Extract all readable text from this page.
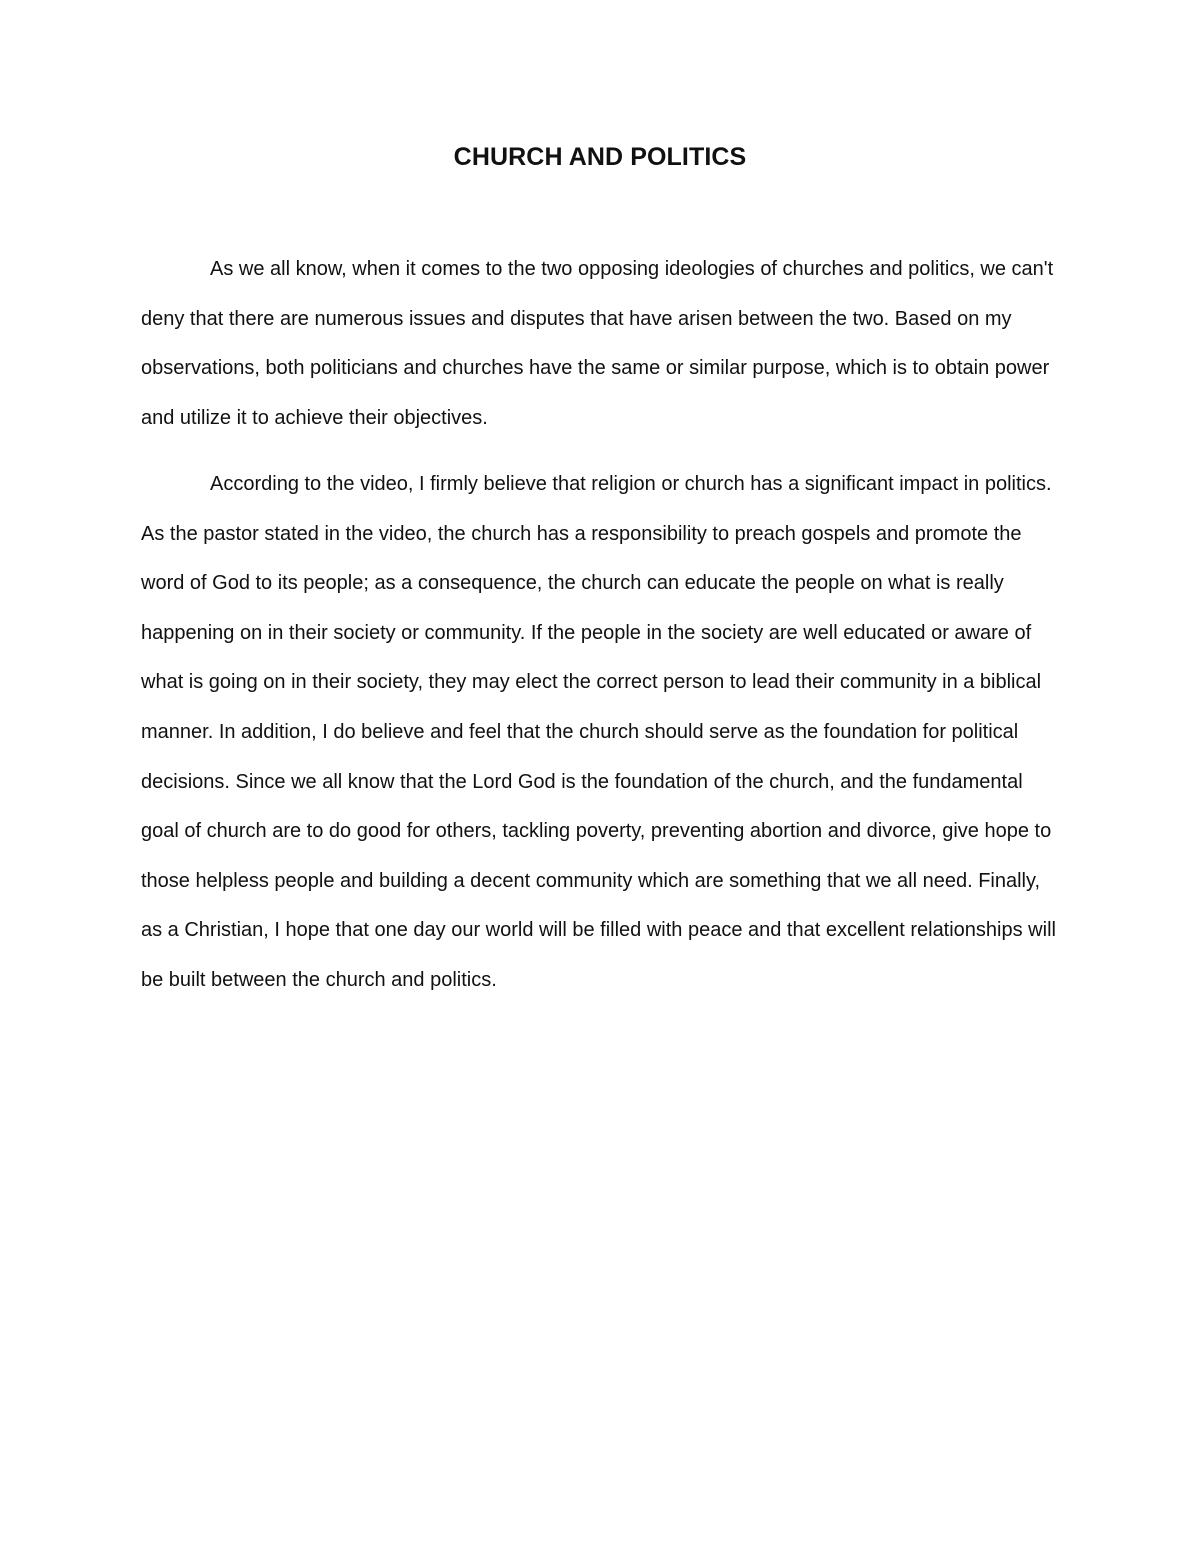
CHURCH AND POLITICS

As we all know, when it comes to the two opposing ideologies of churches and politics, we can't deny that there are numerous issues and disputes that have arisen between the two. Based on my observations, both politicians and churches have the same or similar purpose, which is to obtain power and utilize it to achieve their objectives.

According to the video, I firmly believe that religion or church has a significant impact in politics. As the pastor stated in the video, the church has a responsibility to preach gospels and promote the word of God to its people; as a consequence, the church can educate the people on what is really happening on in their society or community. If the people in the society are well educated or aware of what is going on in their society, they may elect the correct person to lead their community in a biblical manner. In addition, I do believe and feel that the church should serve as the foundation for political decisions. Since we all know that the Lord God is the foundation of the church, and the fundamental goal of church are to do good for others, tackling poverty, preventing abortion and divorce, give hope to those helpless people and building a decent community which are something that we all need. Finally, as a Christian, I hope that one day our world will be filled with peace and that excellent relationships will be built between the church and politics.
